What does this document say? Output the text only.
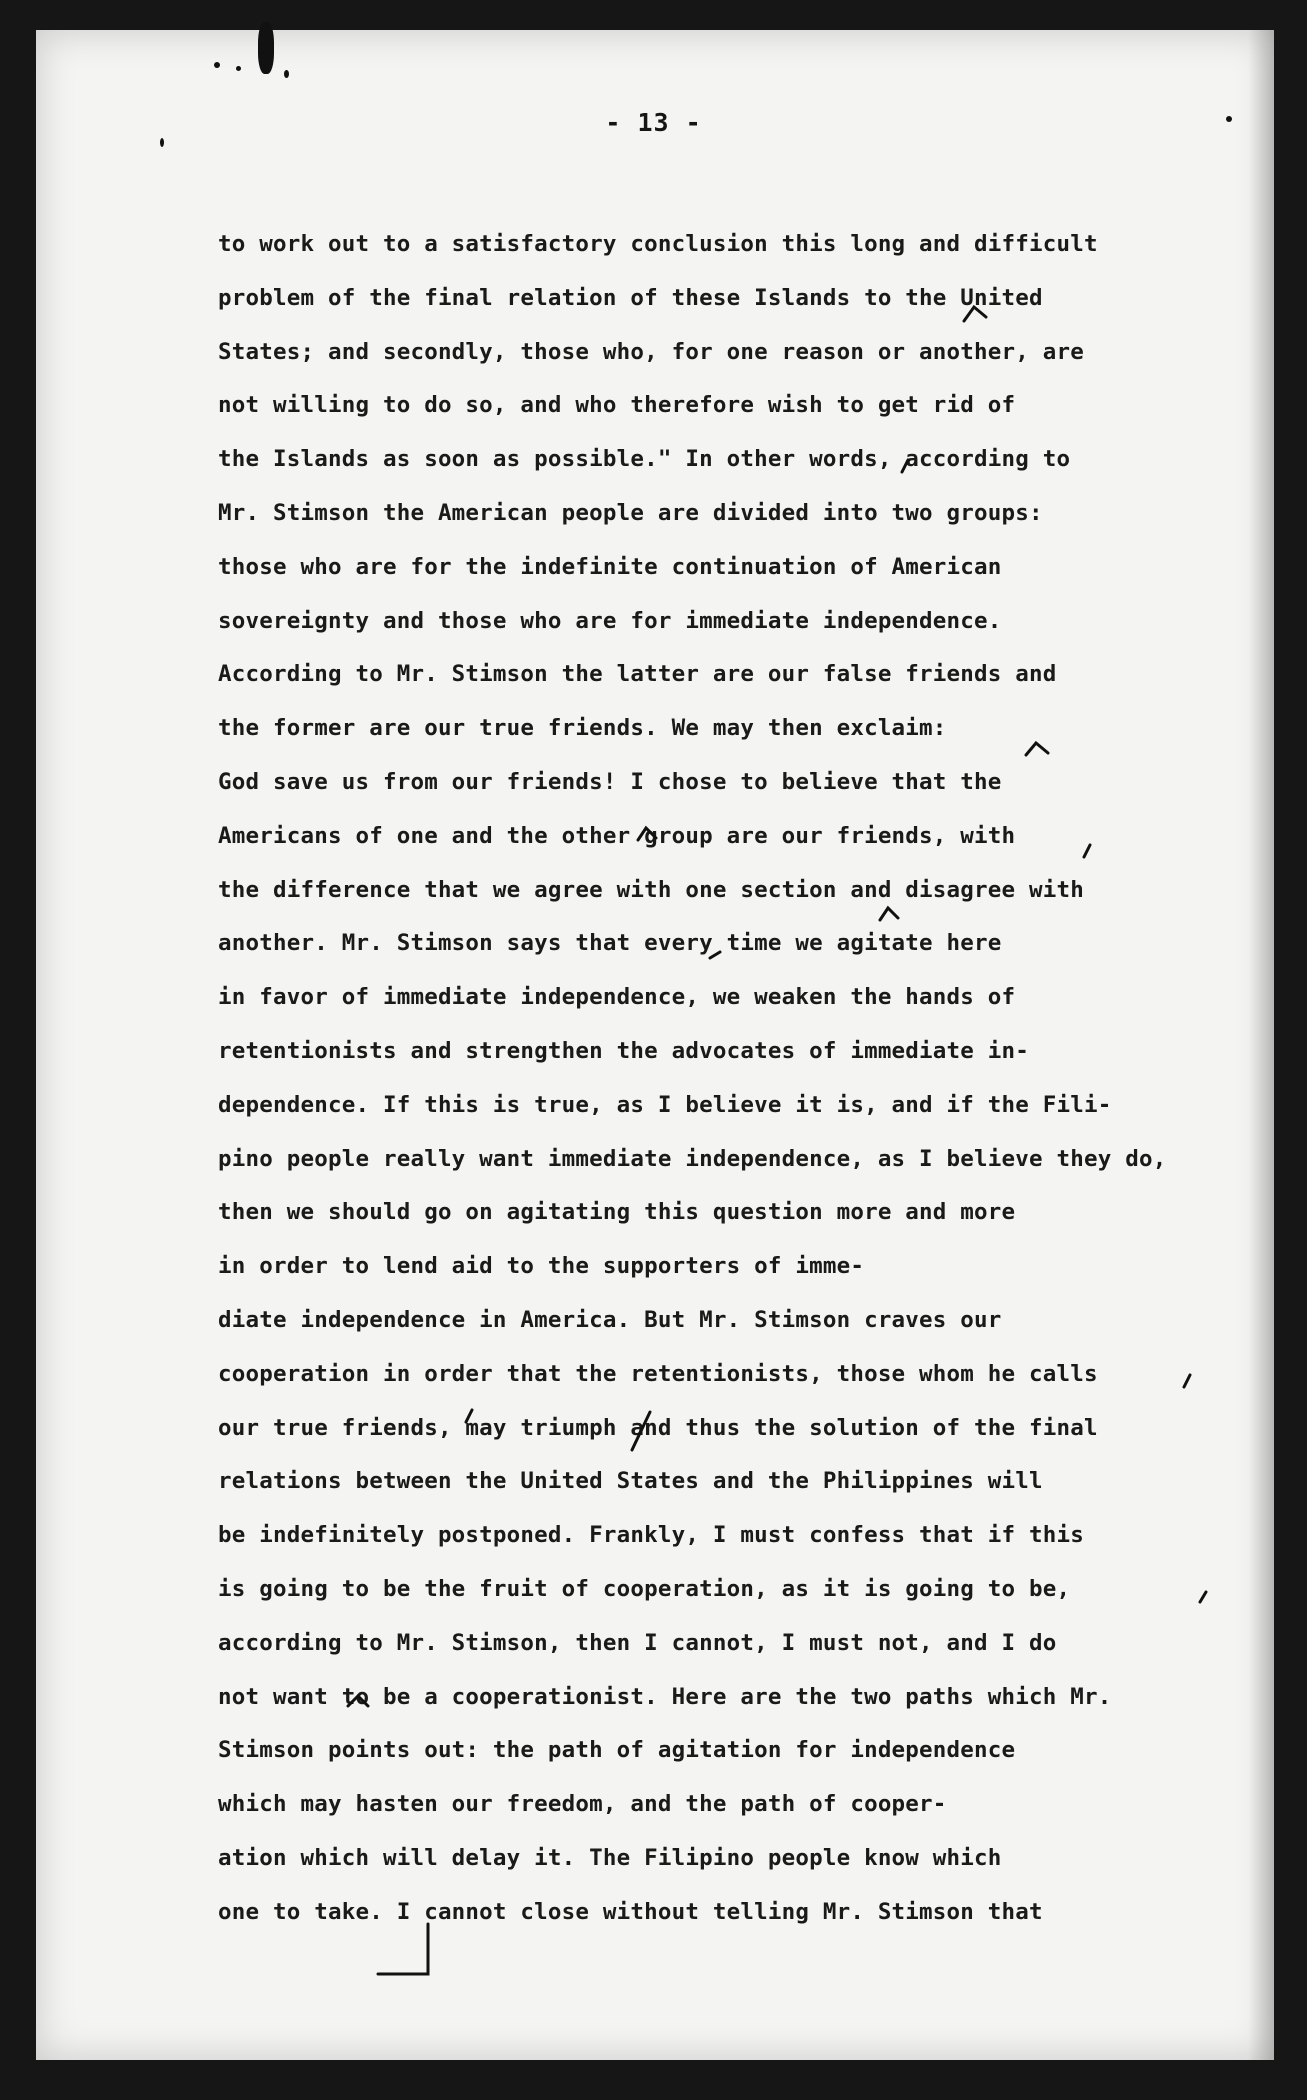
- 13 -
to work out to a satisfactory conclusion this long and difficult
problem of the final relation of these Islands to the United
States; and secondly, those who, for one reason or another, are
not willing to do so, and who therefore wish to get rid of
the Islands as soon as possible." In other words, according to
Mr. Stimson the American people are divided into two groups:
those who are for the indefinite continuation of American
sovereignty and those who are for immediate independence.
According to Mr. Stimson the latter are our false friends and
the former are our true friends. We may then exclaim:
God save us from our friends! I chose to believe that the
Americans of one and the other group are our friends, with
the difference that we agree with one section and disagree with
another. Mr. Stimson says that every time we agitate here
in favor of immediate independence, we weaken the hands of
retentionists and strengthen the advocates of immediate in-
dependence. If this is true, as I believe it is, and if the Fili-
pino people really want immediate independence, as I believe they do,
then we should go on agitating this question more and more
in order to lend aid to the supporters of imme-
diate independence in America. But Mr. Stimson craves our
cooperation in order that the retentionists, those whom he calls
our true friends, may triumph and thus the solution of the final
relations between the United States and the Philippines will
be indefinitely postponed. Frankly, I must confess that if this
is going to be the fruit of cooperation, as it is going to be,
according to Mr. Stimson, then I cannot, I must not, and I do
not want to be a cooperationist. Here are the two paths which Mr.
Stimson points out: the path of agitation for independence
which may hasten our freedom, and the path of cooper-
ation which will delay it. The Filipino people know which
one to take. I cannot close without telling Mr. Stimson that
